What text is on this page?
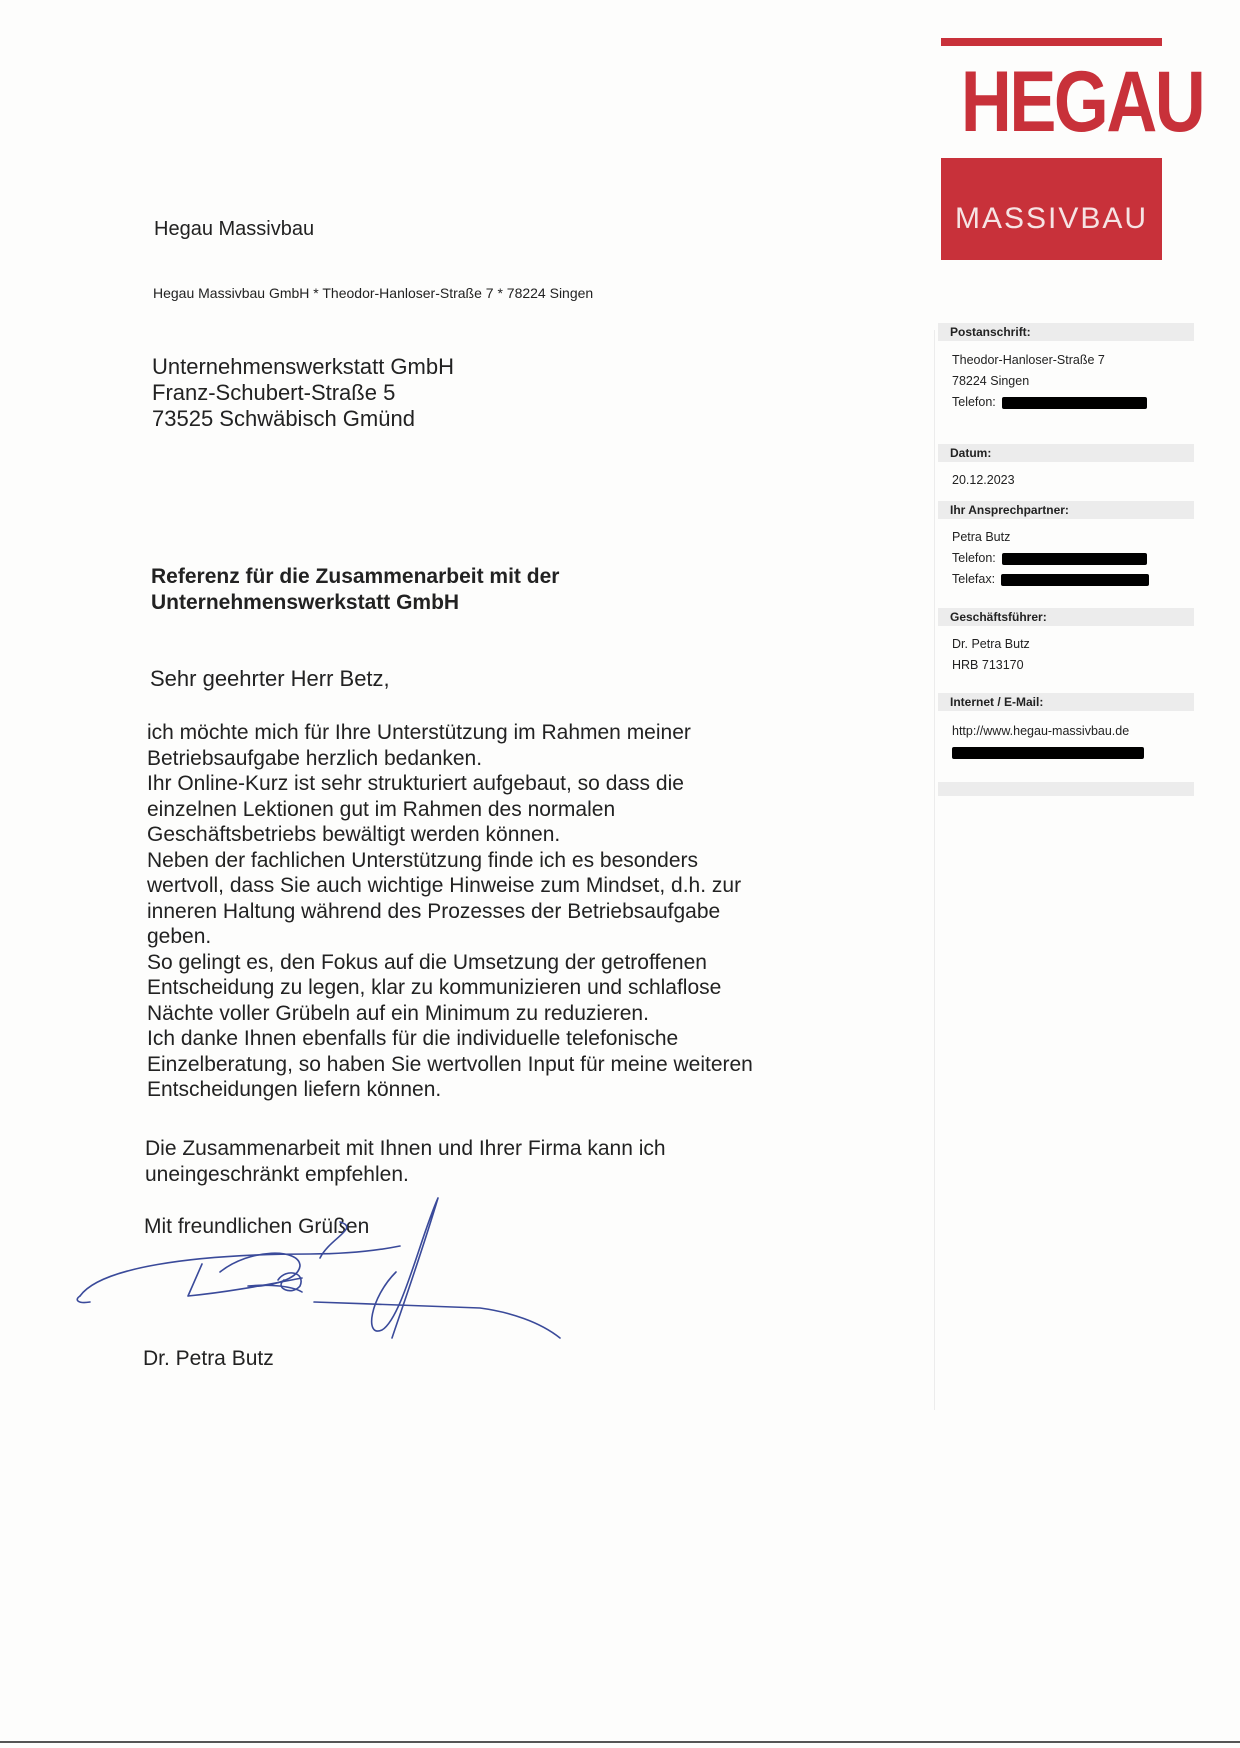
HEGAU
MASSIVBAU
Hegau Massivbau
Hegau Massivbau GmbH * Theodor-Hanloser-Straße 7 * 78224 Singen
Unternehmenswerkstatt GmbH
Franz-Schubert-Straße 5
73525 Schwäbisch Gmünd
Postanschrift:
Theodor-Hanloser-Straße 7
78224 Singen
Telefon:
Datum:
20.12.2023
Ihr Ansprechpartner:
Petra Butz
Telefon:
Telefax:
Geschäftsführer:
Dr. Petra Butz
HRB 713170
Internet / E-Mail:
http://www.hegau-massivbau.de
Referenz für die Zusammenarbeit mit der
Unternehmenswerkstatt GmbH
Sehr geehrter Herr Betz,
ich möchte mich für Ihre Unterstützung im Rahmen meiner
Betriebsaufgabe herzlich bedanken.
Ihr Online-Kurz ist sehr strukturiert aufgebaut, so dass die
einzelnen Lektionen gut im Rahmen des normalen
Geschäftsbetriebs bewältigt werden können.
Neben der fachlichen Unterstützung finde ich es besonders
wertvoll, dass Sie auch wichtige Hinweise zum Mindset, d.h. zur
inneren Haltung während des Prozesses der Betriebsaufgabe
geben.
So gelingt es, den Fokus auf die Umsetzung der getroffenen
Entscheidung zu legen, klar zu kommunizieren und schlaflose
Nächte voller Grübeln auf ein Minimum zu reduzieren.
Ich danke Ihnen ebenfalls für die individuelle telefonische
Einzelberatung, so haben Sie wertvollen Input für meine weiteren
Entscheidungen liefern können.
Die Zusammenarbeit mit Ihnen und Ihrer Firma kann ich
uneingeschränkt empfehlen.
Mit freundlichen Grüßen
Dr. Petra Butz
